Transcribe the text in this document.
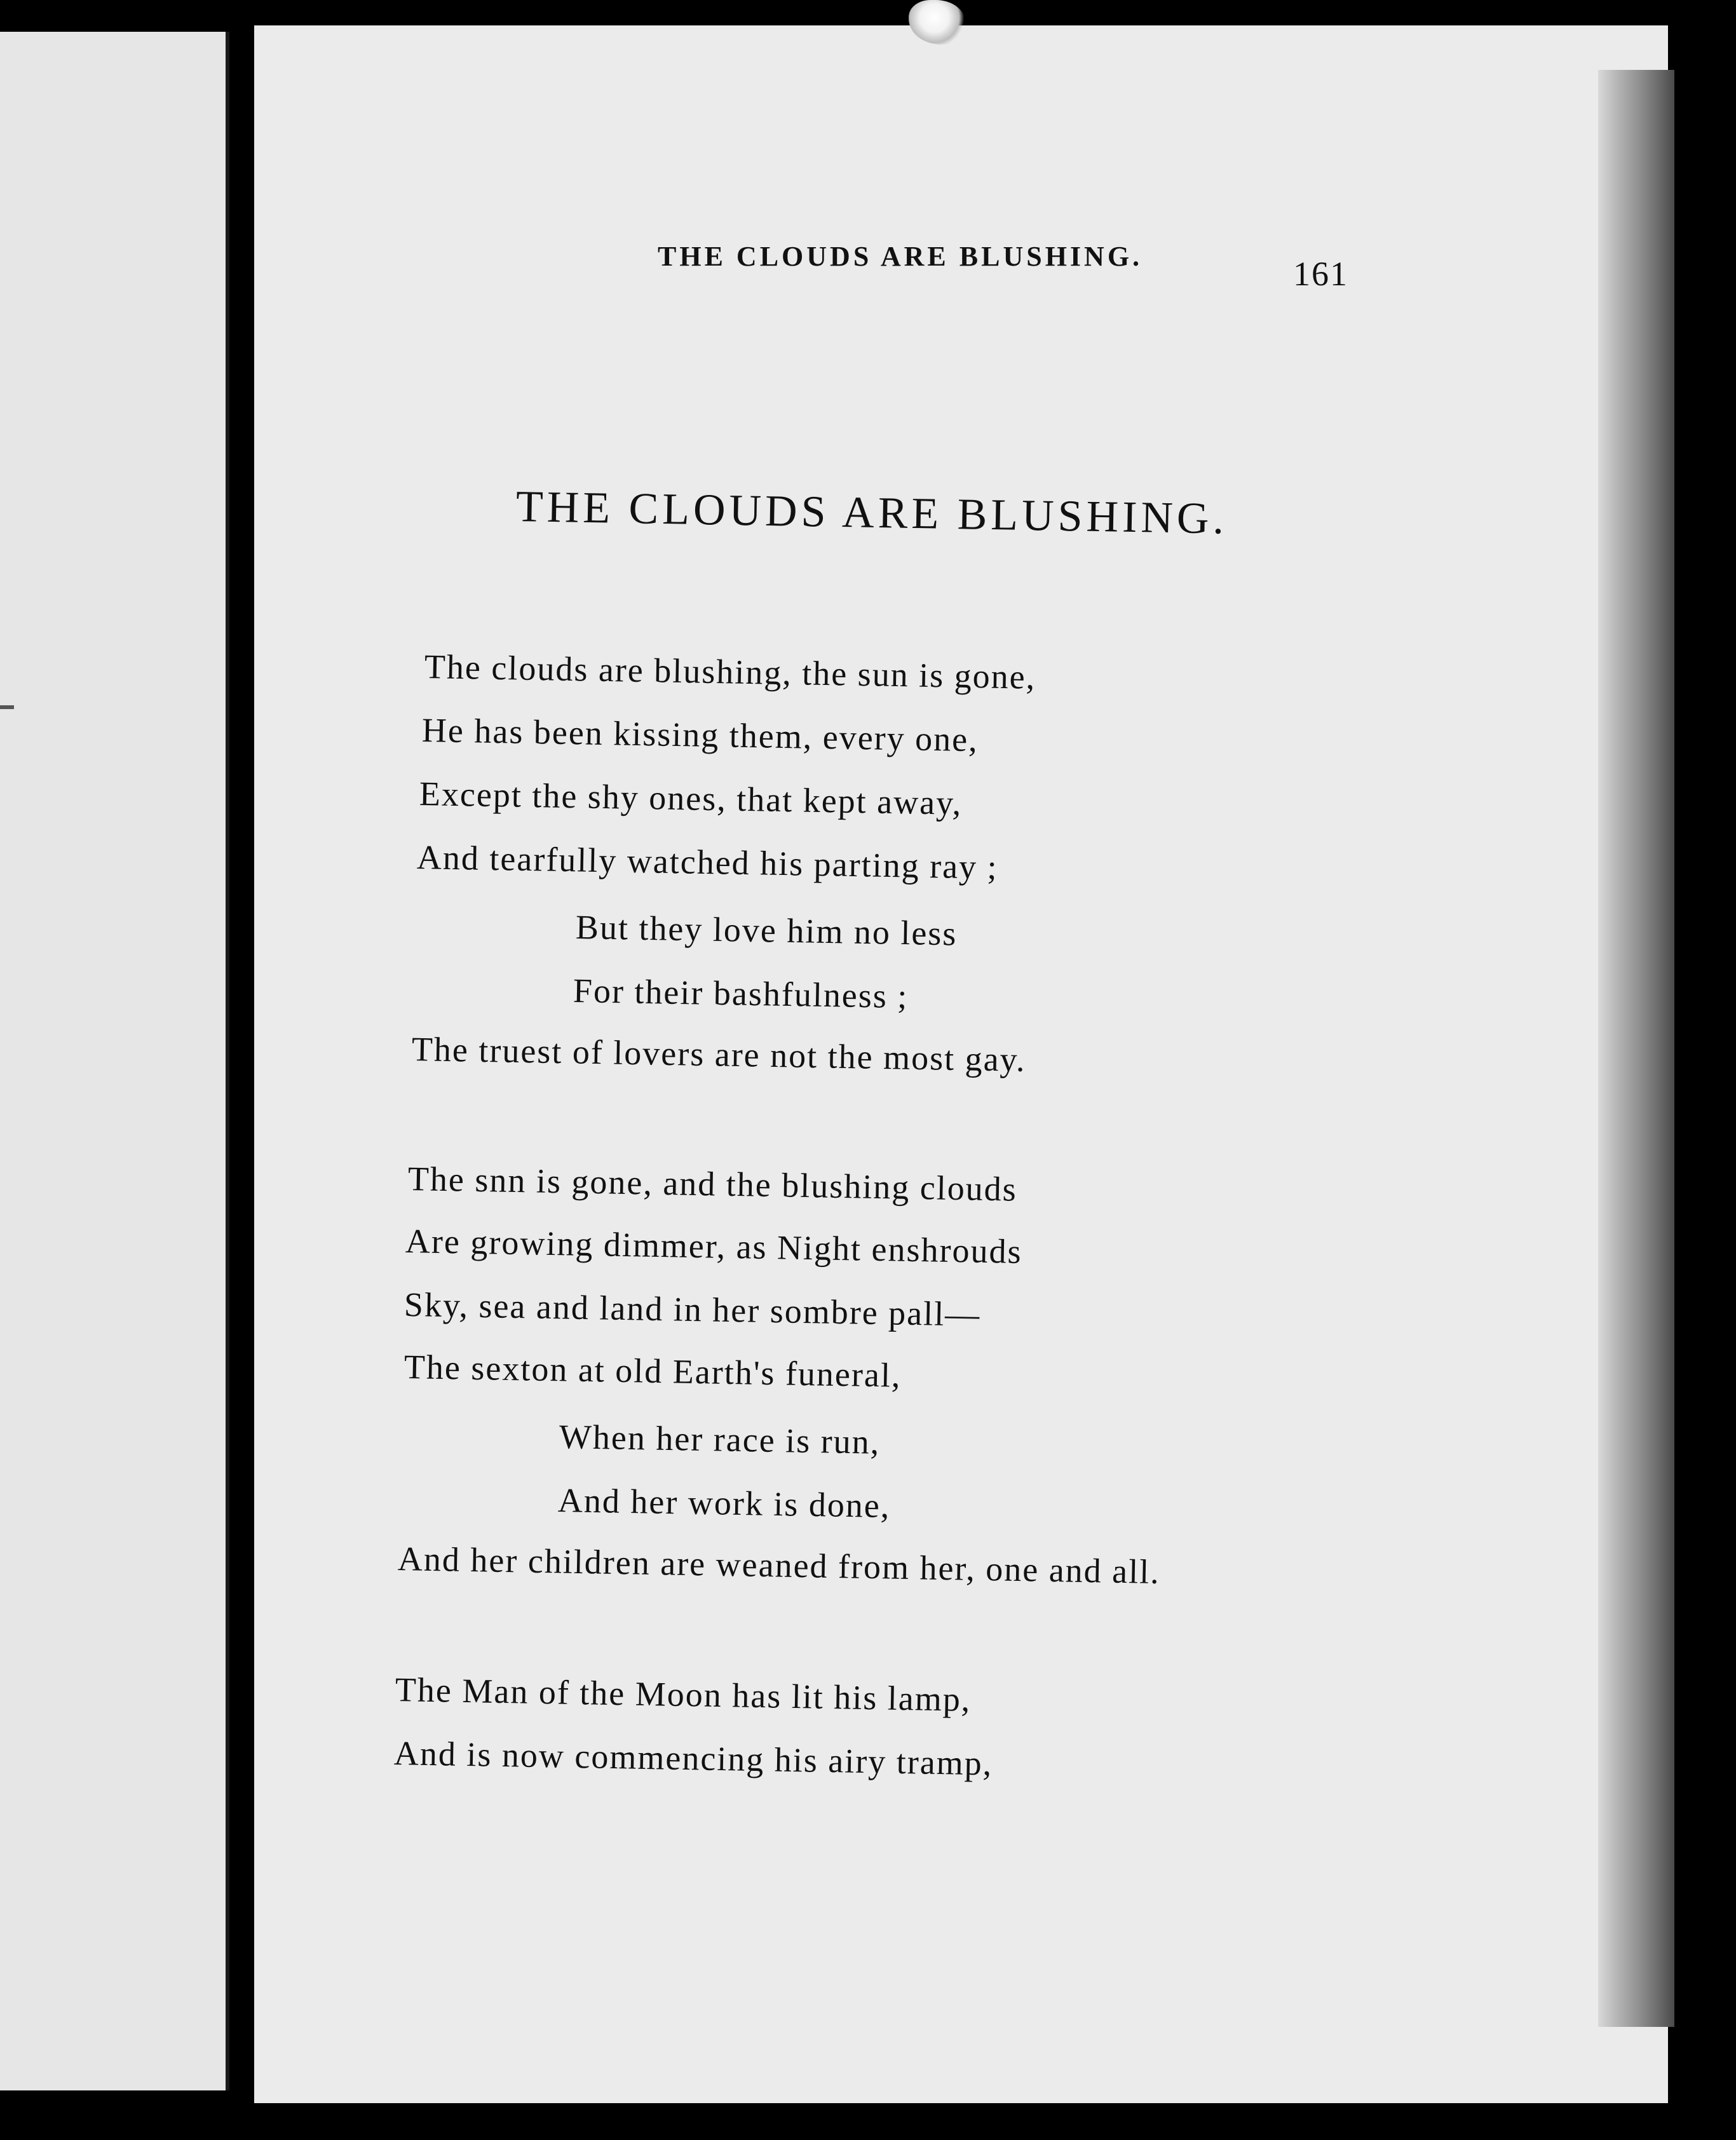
THE CLOUDS ARE BLUSHING.	161
THE CLOUDS ARE BLUSHING.
The clouds are blushing, the sun is gone,
He has been kissing them, every one,
Except the shy ones, that kept away,
And tearfully watched his parting ray ;
But they love him no less
For their bashfulness ;
The truest of lovers are not the most gay.
The snn is gone, and the blushing clouds
Are growing dimmer, as Night enshrouds
Sky, sea and land in her sombre pall—
The sexton at old Earth's funeral,
When her race is run,
And her work is done,
And her children are weaned from her, one and all.
The Man of the Moon has lit his lamp,
And is now commencing his airy tramp,
